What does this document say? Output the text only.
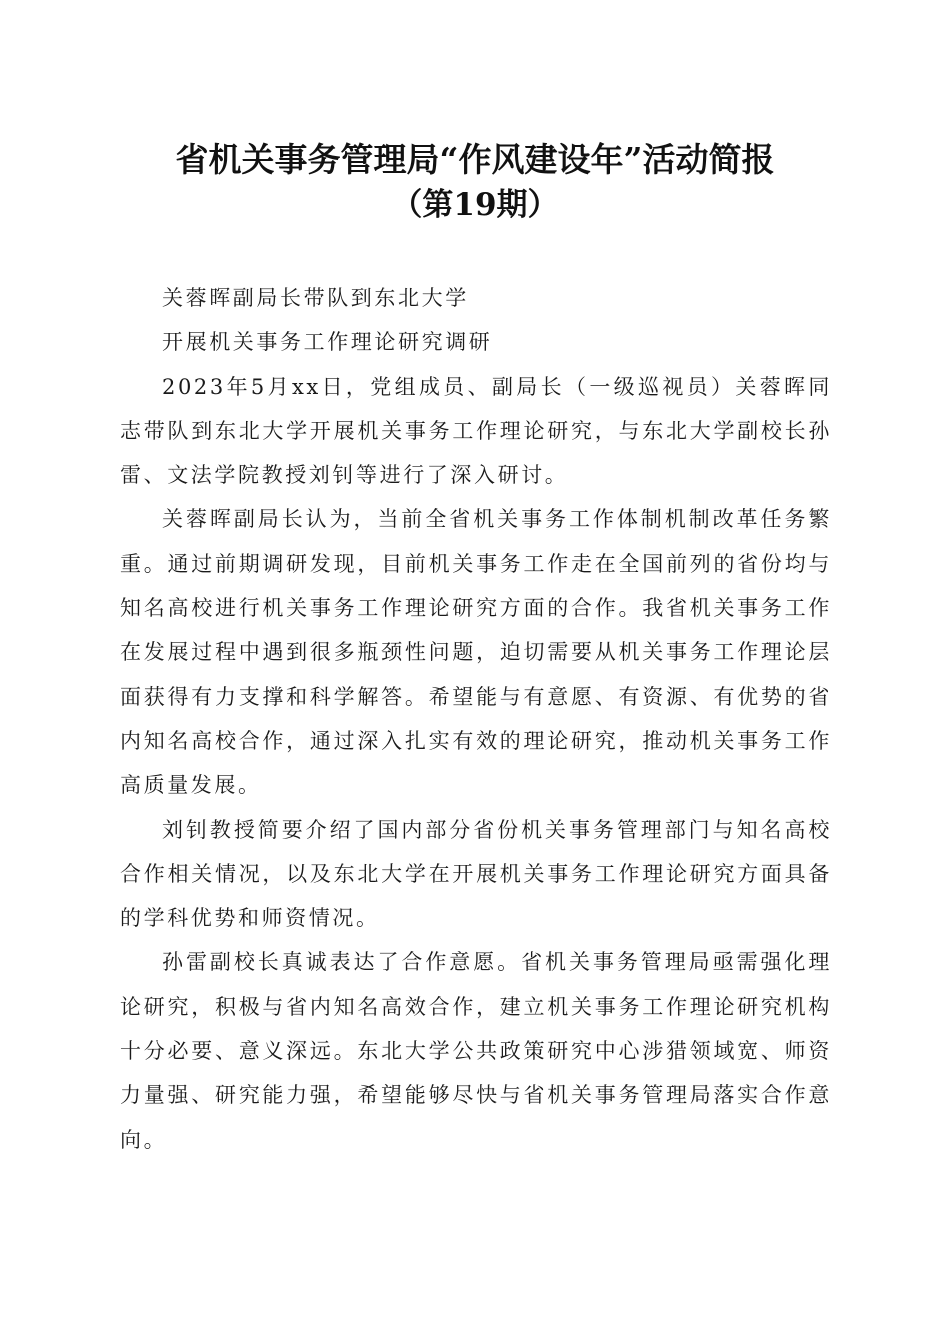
省机关事务管理局“作风建设年”活动简报
（第19期）

关蓉晖副局长带队到东北大学

开展机关事务工作理论研究调研

2023年5月xx日，党组成员、副局长（一级巡视员）关蓉晖同志带队到东北大学开展机关事务工作理论研究，与东北大学副校长孙雷、文法学院教授刘钊等进行了深入研讨。

关蓉晖副局长认为，当前全省机关事务工作体制机制改革任务繁重。通过前期调研发现，目前机关事务工作走在全国前列的省份均与知名高校进行机关事务工作理论研究方面的合作。我省机关事务工作在发展过程中遇到很多瓶颈性问题，迫切需要从机关事务工作理论层面获得有力支撑和科学解答。希望能与有意愿、有资源、有优势的省内知名高校合作，通过深入扎实有效的理论研究，推动机关事务工作高质量发展。

刘钊教授简要介绍了国内部分省份机关事务管理部门与知名高校合作相关情况，以及东北大学在开展机关事务工作理论研究方面具备的学科优势和师资情况。

孙雷副校长真诚表达了合作意愿。省机关事务管理局亟需强化理论研究，积极与省内知名高效合作，建立机关事务工作理论研究机构十分必要、意义深远。东北大学公共政策研究中心涉猎领域宽、师资力量强、研究能力强，希望能够尽快与省机关事务管理局落实合作意向。
